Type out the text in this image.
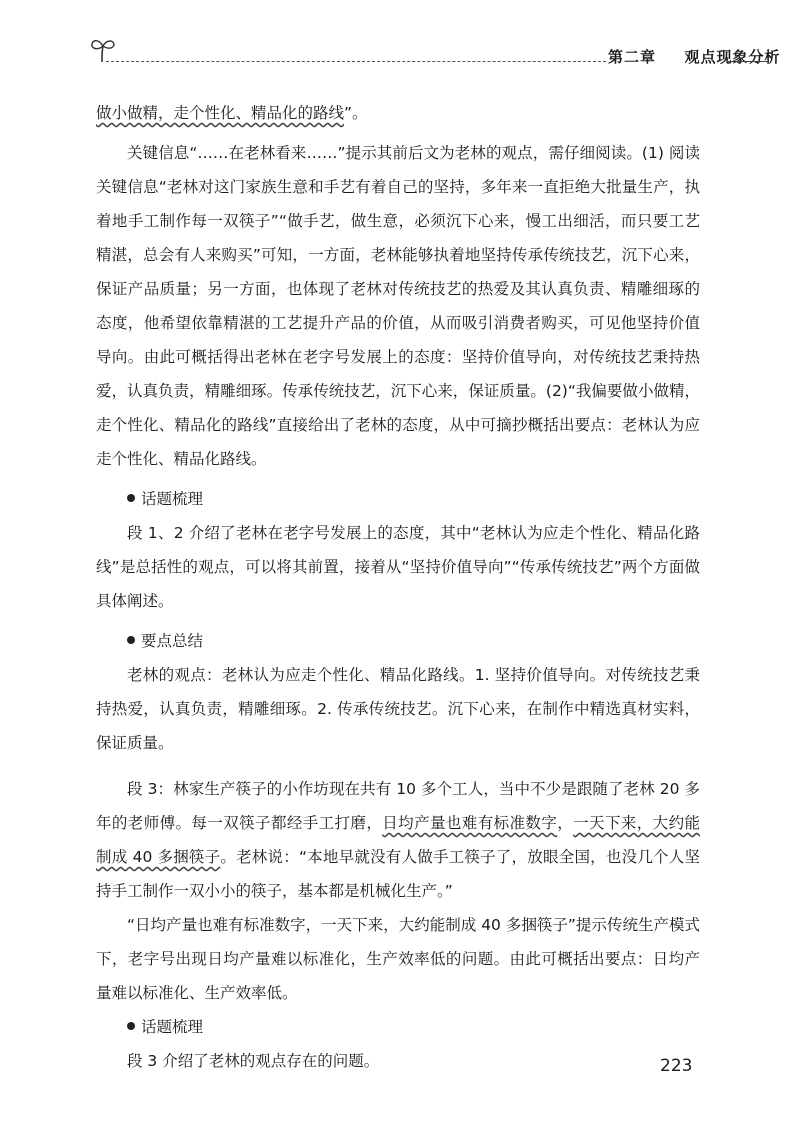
第二章 　 观点现象分析

做小做精，走个性化、精品化的路线”。

关键信息“……在老林看来……”提示其前后文为老林的观点，需仔细阅读。(1) 阅读关键信息“老林对这门家族生意和手艺有着自己的坚持，多年来一直拒绝大批量生产，执着地手工制作每一双筷子”“做手艺，做生意，必须沉下心来，慢工出细活，而只要工艺精湛，总会有人来购买”可知，一方面，老林能够执着地坚持传承传统技艺，沉下心来，保证产品质量；另一方面，也体现了老林对传统技艺的热爱及其认真负责、精雕细琢的态度，他希望依靠精湛的工艺提升产品的价值，从而吸引消费者购买，可见他坚持价值导向。由此可概括得出老林在老字号发展上的态度：坚持价值导向，对传统技艺秉持热爱，认真负责，精雕细琢。传承传统技艺，沉下心来，保证质量。(2)“我偏要做小做精，走个性化、精品化的路线”直接给出了老林的态度，从中可摘抄概括出要点：老林认为应走个性化、精品化路线。

话题梳理

段 1、2 介绍了老林在老字号发展上的态度，其中“老林认为应走个性化、精品化路线”是总括性的观点，可以将其前置，接着从“坚持价值导向”“传承传统技艺”两个方面做具体阐述。

要点总结

老林的观点：老林认为应走个性化、精品化路线。1. 坚持价值导向。对传统技艺秉持热爱，认真负责，精雕细琢。2. 传承传统技艺。沉下心来，在制作中精选真材实料，保证质量。

段 3：林家生产筷子的小作坊现在共有 10 多个工人，当中不少是跟随了老林 20 多年的老师傅。每一双筷子都经手工打磨，日均产量也难有标准数字，一天下来，大约能制成 40 多捆筷子。老林说：“本地早就没有人做手工筷子了，放眼全国，也没几个人坚持手工制作一双小小的筷子，基本都是机械化生产。”

“日均产量也难有标准数字，一天下来，大约能制成 40 多捆筷子”提示传统生产模式下，老字号出现日均产量难以标准化，生产效率低的问题。由此可概括出要点：日均产量难以标准化、生产效率低。

话题梳理

段 3 介绍了老林的观点存在的问题。	223
